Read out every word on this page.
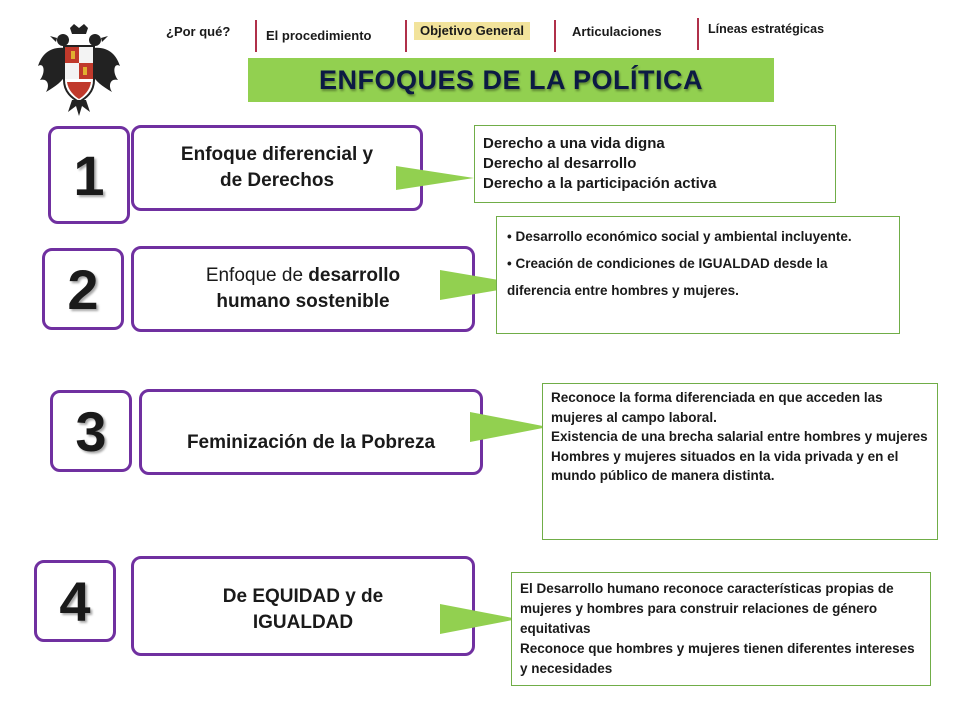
¿Por qué?	El procedimiento	Objetivo General	Articulaciones	Líneas estratégicas
ENFOQUES DE LA POLÍTICA
1	Enfoque diferencial y
de Derechos
Derecho a una vida digna
Derecho al desarrollo
Derecho a la participación activa
2	Enfoque de desarrollo
humano sostenible
• Desarrollo económico social y ambiental incluyente.
• Creación de condiciones de IGUALDAD desde la diferencia entre hombres y mujeres.
3	Feminización de la Pobreza
Reconoce la forma diferenciada en que acceden las mujeres al campo laboral.
Existencia de una brecha salarial entre hombres y mujeres
Hombres y mujeres situados en la vida privada y en el mundo público de manera distinta.
4	De EQUIDAD y de
IGUALDAD
El Desarrollo humano reconoce características propias de mujeres y hombres para construir relaciones de género equitativas
Reconoce que hombres y mujeres tienen diferentes intereses y necesidades
